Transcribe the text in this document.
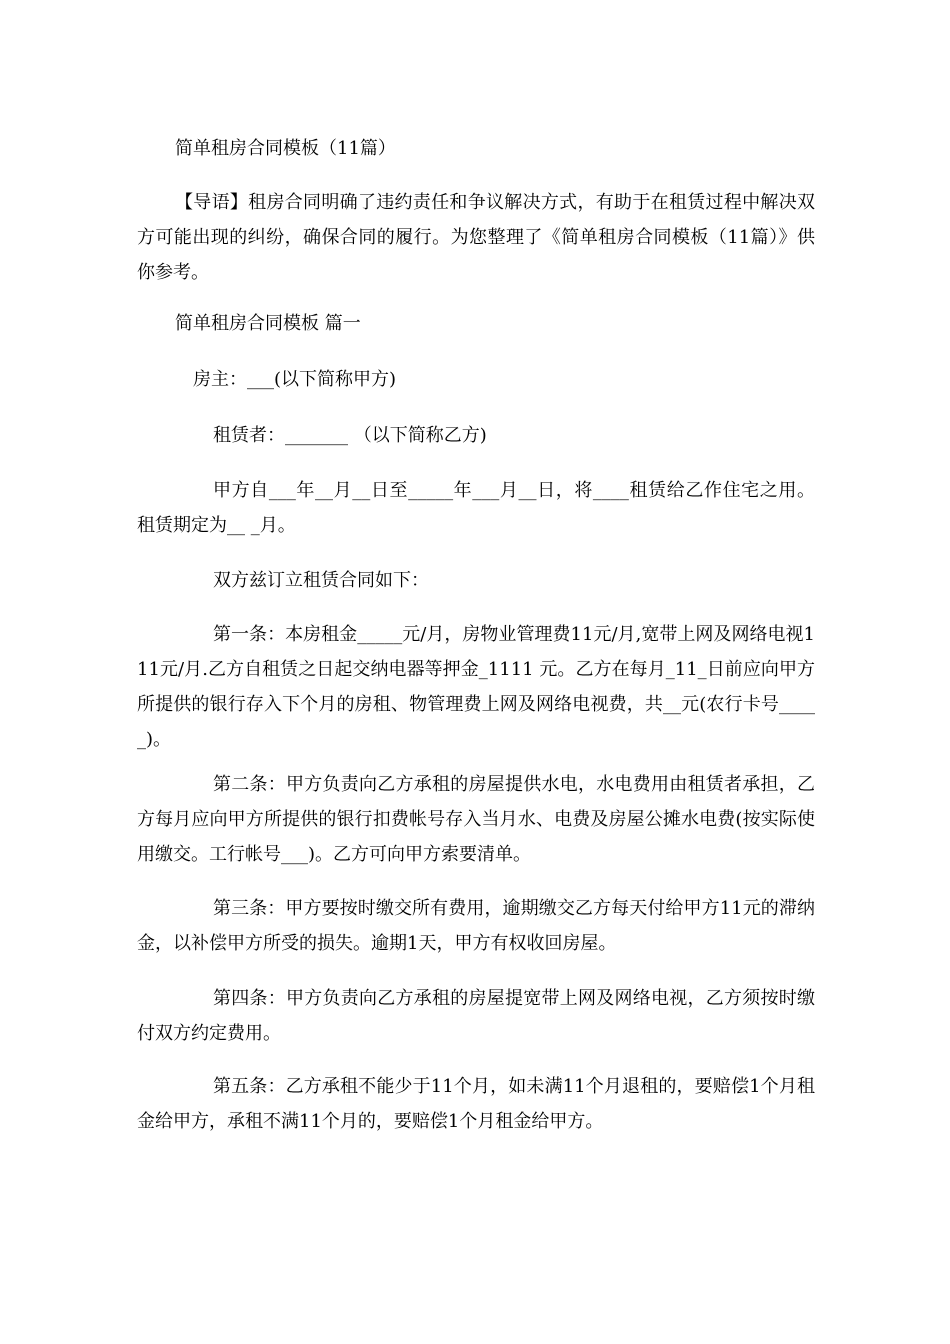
简单租房合同模板（11篇）

【导语】租房合同明确了违约责任和争议解决方式，有助于在租赁过程中解决双方可能出现的纠纷，确保合同的履行。为您整理了《简单租房合同模板（11篇）》供你参考。

简单租房合同模板 篇一

房主：___(以下简称甲方)

租赁者：_______ （以下简称乙方)

甲方自___年__月__日至_____年___月__日，将____租赁给乙作住宅之用。租赁期定为__ _月。

双方兹订立租赁合同如下：

第一条：本房租金_____元/月，房物业管理费11元/月,宽带上网及网络电视111元/月.乙方自租赁之日起交纳电器等押金_1111 元。乙方在每月_11_日前应向甲方所提供的银行存入下个月的房租、物管理费上网及网络电视费，共__元(农行卡号_____)。

第二条：甲方负责向乙方承租的房屋提供水电，水电费用由租赁者承担，乙方每月应向甲方所提供的银行扣费帐号存入当月水、电费及房屋公摊水电费(按实际使用缴交。工行帐号___)。乙方可向甲方索要清单。

第三条：甲方要按时缴交所有费用，逾期缴交乙方每天付给甲方11元的滞纳金，以补偿甲方所受的损失。逾期1天，甲方有权收回房屋。

第四条：甲方负责向乙方承租的房屋提宽带上网及网络电视，乙方须按时缴付双方约定费用。

第五条：乙方承租不能少于11个月，如未满11个月退租的，要赔偿1个月租金给甲方，承租不满11个月的，要赔偿1个月租金给甲方。
